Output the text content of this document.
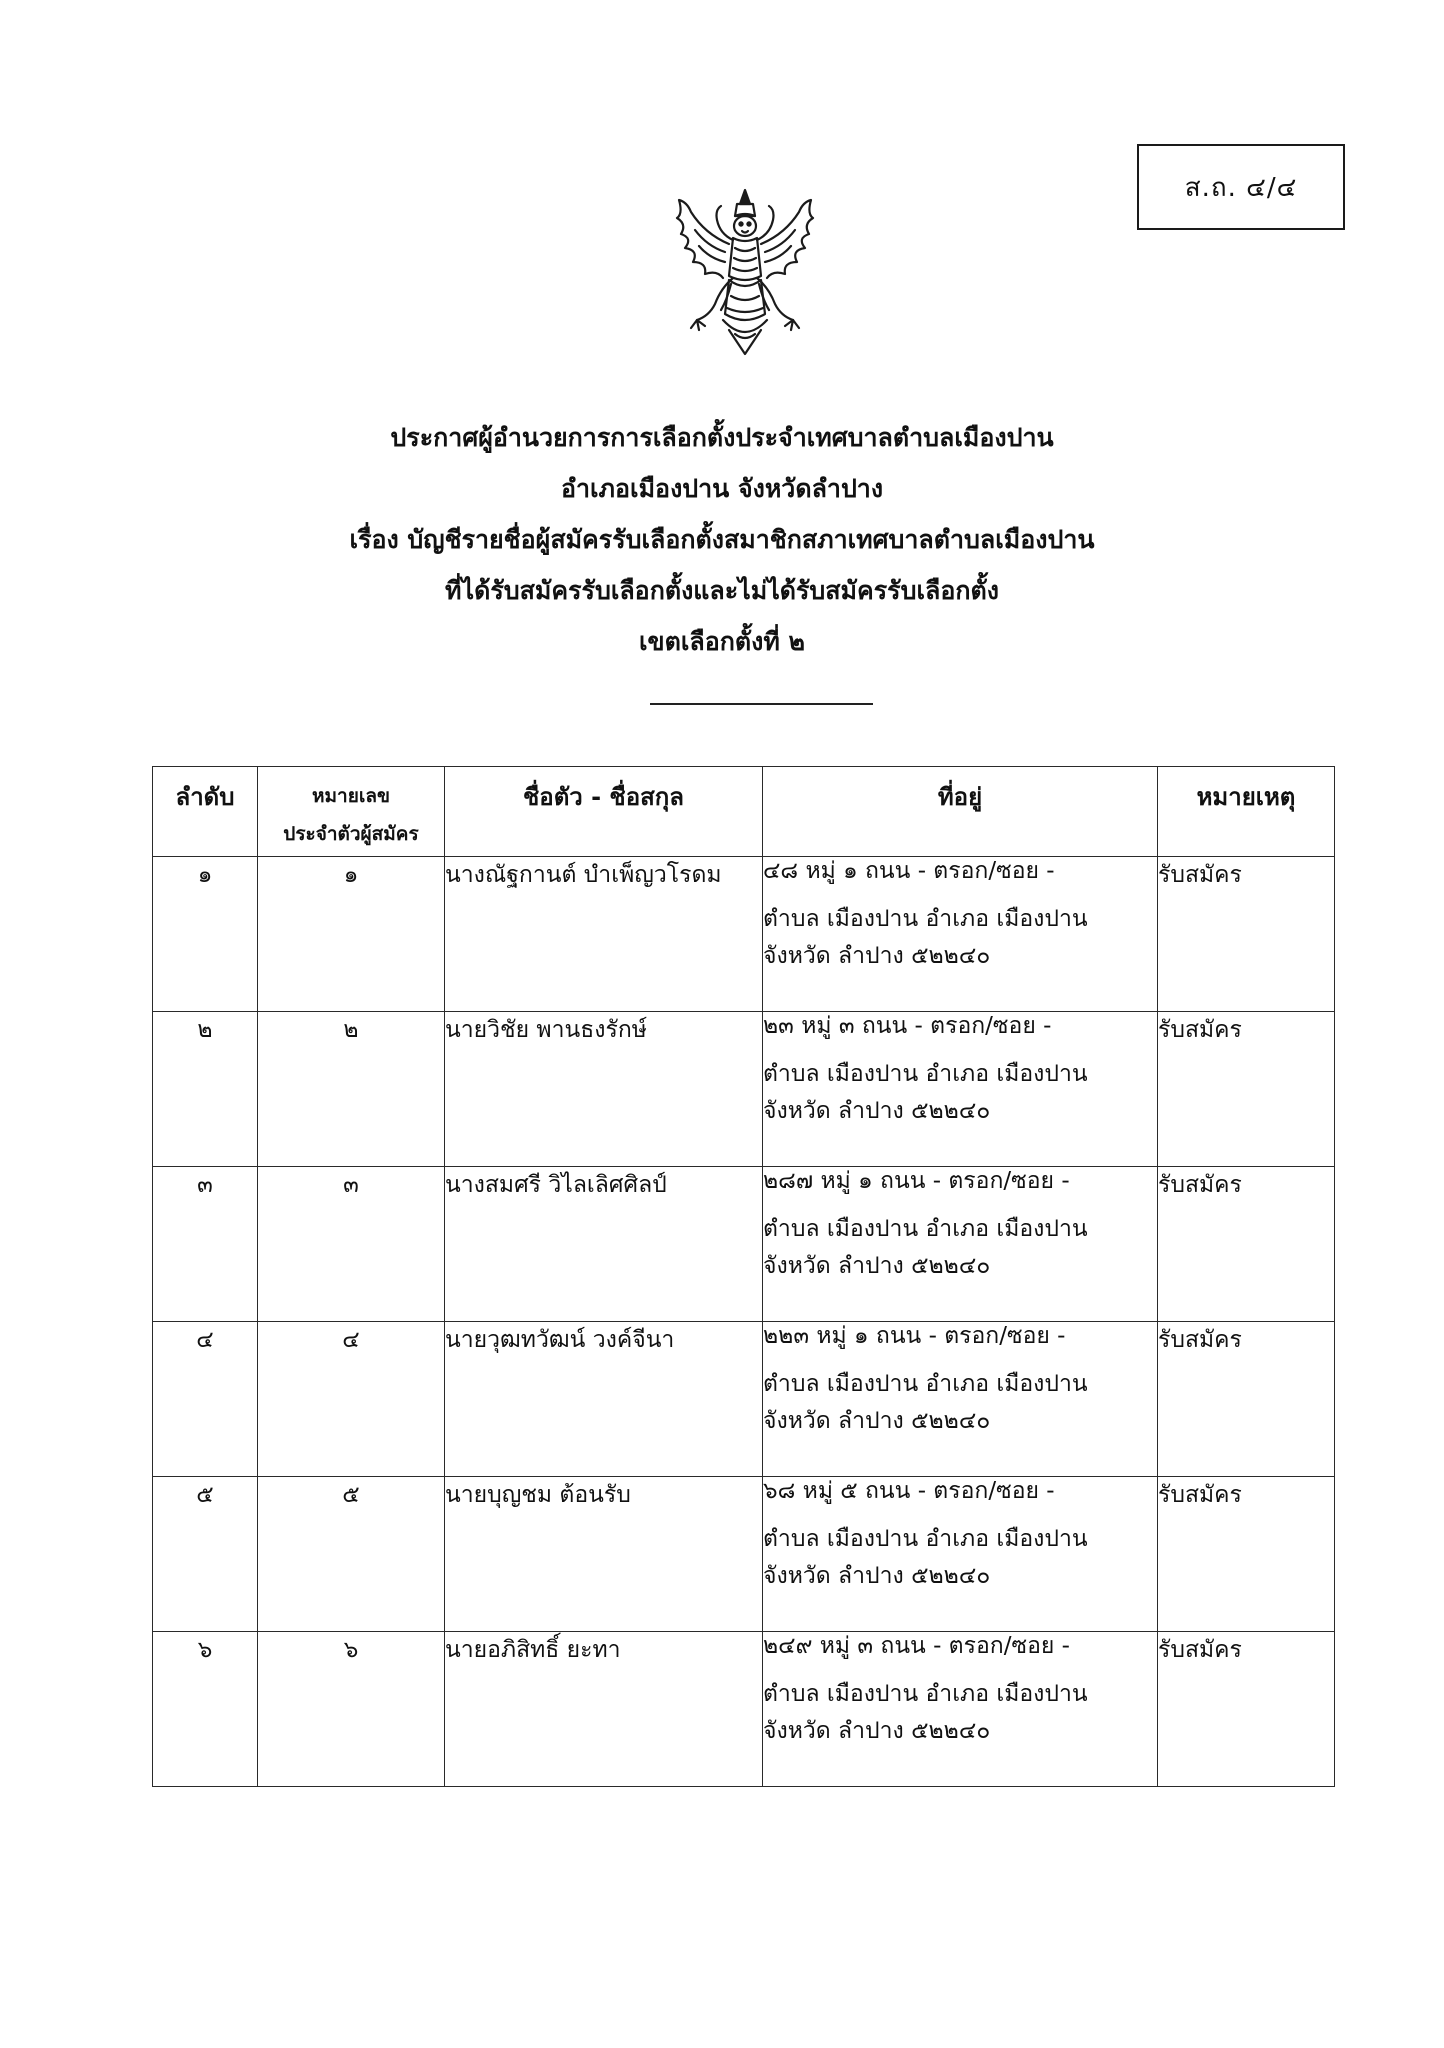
ส.ถ. ๔/๔
ประกาศผู้อำนวยการการเลือกตั้งประจำเทศบาลตำบลเมืองปาน
อำเภอเมืองปาน จังหวัดลำปาง
เรื่อง บัญชีรายชื่อผู้สมัครรับเลือกตั้งสมาชิกสภาเทศบาลตำบลเมืองปาน
ที่ได้รับสมัครรับเลือกตั้งและไม่ได้รับสมัครรับเลือกตั้ง
เขตเลือกตั้งที่ ๒
ลำดับ	หมายเลข
ประจำตัวผู้สมัคร	ชื่อตัว - ชื่อสกุล	ที่อยู่	หมายเหตุ
๑	๑	นางณัฐกานต์ บำเพ็ญวโรดม	๔๘ หมู่ ๑ ถนน - ตรอก/ซอย -
ตำบล เมืองปาน อำเภอ เมืองปาน
จังหวัด ลำปาง ๕๒๒๔๐	รับสมัคร
๒	๒	นายวิชัย พานธงรักษ์	๒๓ หมู่ ๓ ถนน - ตรอก/ซอย -
ตำบล เมืองปาน อำเภอ เมืองปาน
จังหวัด ลำปาง ๕๒๒๔๐	รับสมัคร
๓	๓	นางสมศรี วิไลเลิศศิลป์	๒๘๗ หมู่ ๑ ถนน - ตรอก/ซอย -
ตำบล เมืองปาน อำเภอ เมืองปาน
จังหวัด ลำปาง ๕๒๒๔๐	รับสมัคร
๔	๔	นายวุฒทวัฒน์ วงค์จีนา	๒๒๓ หมู่ ๑ ถนน - ตรอก/ซอย -
ตำบล เมืองปาน อำเภอ เมืองปาน
จังหวัด ลำปาง ๕๒๒๔๐	รับสมัคร
๕	๕	นายบุญชม ต้อนรับ	๖๘ หมู่ ๕ ถนน - ตรอก/ซอย -
ตำบล เมืองปาน อำเภอ เมืองปาน
จังหวัด ลำปาง ๕๒๒๔๐	รับสมัคร
๖	๖	นายอภิสิทธิ์ ยะทา	๒๔๙ หมู่ ๓ ถนน - ตรอก/ซอย -
ตำบล เมืองปาน อำเภอ เมืองปาน
จังหวัด ลำปาง ๕๒๒๔๐	รับสมัคร
